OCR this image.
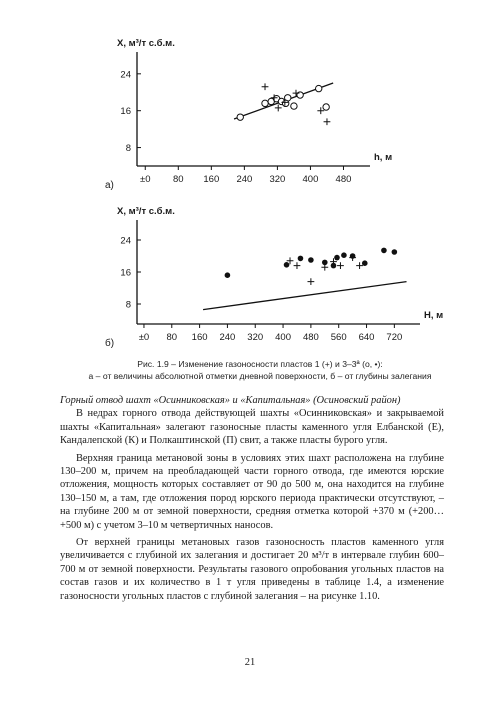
24
16
8
±0 80 160 240 320 400 480
X, м³/т с.б.м.
h, м
а)
24
16
8
±0 80 160 240 320 400 480 560 640 720
X, м³/т с.б.м.
H, м
б)
Рис. 1.9 – Изменение газоносности пластов 1 (+) и 3–3ª (о, •):
а – от величины абсолютной отметки дневной поверхности, б – от глубины залегания

Горный отвод шахт «Осинниковская» и «Капитальная» (Осиновский район)

В недрах горного отвода действующей шахты «Осинниковская» и закрываемой шахты «Капитальная» залегают газоносные пласты каменного угля Елбанской (Е), Кандалепской (К) и Полкаштинской (П) свит, а также пласты бурого угля.

Верхняя граница метановой зоны в условиях этих шахт расположена на глубине 130–200 м, причем на преобладающей части горного отвода, где имеются юрские отложения, мощность которых составляет от 90 до 500 м, она находится на глубине 130–150 м, а там, где отложения пород юрского периода практически отсутствуют, – на глубине 200 м от земной поверхности, средняя отметка которой +370 м (+200…+500 м) с учетом 3–10 м четвертичных наносов.

От верхней границы метановых газов газоносность пластов каменного угля увеличивается с глубиной их залегания и достигает 20 м³/т в интервале глубин 600–700 м от земной поверхности. Результаты газового опробования угольных пластов на состав газов и их количество в 1 т угля приведены в таблице 1.4, а изменение газоносности угольных пластов с глубиной залегания – на рисунке 1.10.

21
